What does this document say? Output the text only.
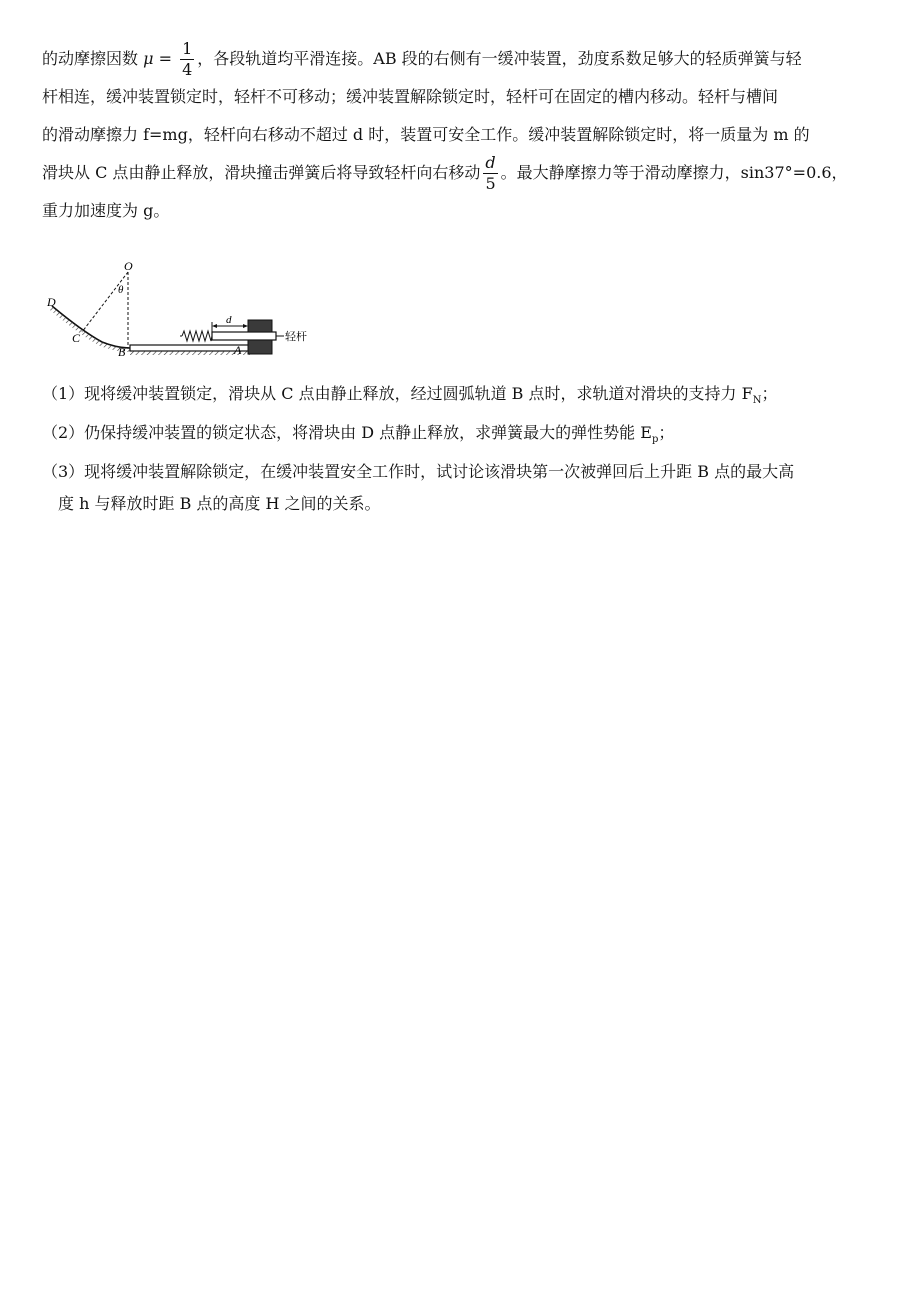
的动摩擦因数 $\mu = \frac{1}{4}$ ，各段轨道均平滑连接。AB 段的右侧有一缓冲装置，劲度系数足够大的轻质弹簧与轻
杆相连，缓冲装置锁定时，轻杆不可移动；缓冲装置解除锁定时，轻杆可在固定的槽内移动。轻杆与槽间
的滑动摩擦力 f=mg，轻杆向右移动不超过 d 时，装置可安全工作。缓冲装置解除锁定时，将一质量为 m 的
滑块从 C 点由静止释放，滑块撞击弹簧后将导致轻杆向右移动 $\frac{d}{5}$ 。最大静摩擦力等于滑动摩擦力，sin37°=0.6，
重力加速度为 g。

O
θ
D
C
B	A
d
轻杆

（1）现将缓冲装置锁定，滑块从 C 点由静止释放，经过圆弧轨道 B 点时，求轨道对滑块的支持力 $F_N$；

（2）仍保持缓冲装置的锁定状态，将滑块由 D 点静止释放，求弹簧最大的弹性势能 $E_p$；

（3）现将缓冲装置解除锁定，在缓冲装置安全工作时，试讨论该滑块第一次被弹回后上升距 B 点的最大高

度 h 与释放时距 B 点的高度 H 之间的关系。
